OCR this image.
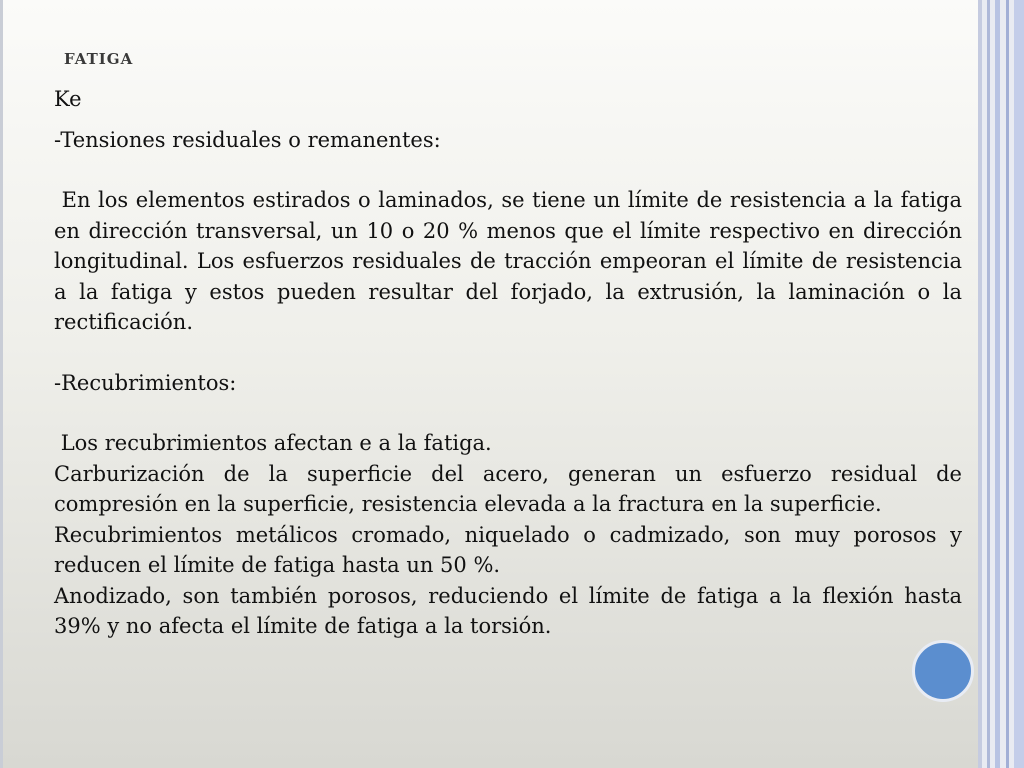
FATIGA

Ke

-Tensiones residuales o remanentes:

En los elementos estirados o laminados, se tiene un límite de resistencia a la fatiga en dirección transversal, un 10 o 20 % menos que el límite respectivo en dirección longitudinal. Los esfuerzos residuales de tracción empeoran el límite de resistencia a la fatiga y estos pueden resultar del forjado, la extrusión, la laminación o la rectificación.

-Recubrimientos:

Los recubrimientos afectan e a la fatiga.

Carburización de la superficie del acero, generan un esfuerzo residual de compresión en la superficie, resistencia elevada a la fractura en la superficie.

Recubrimientos metálicos cromado, niquelado o cadmizado, son muy porosos y reducen el límite de fatiga hasta un 50 %.

Anodizado, son también porosos, reduciendo el límite de fatiga a la flexión hasta 39% y no afecta el límite de fatiga a la torsión.
